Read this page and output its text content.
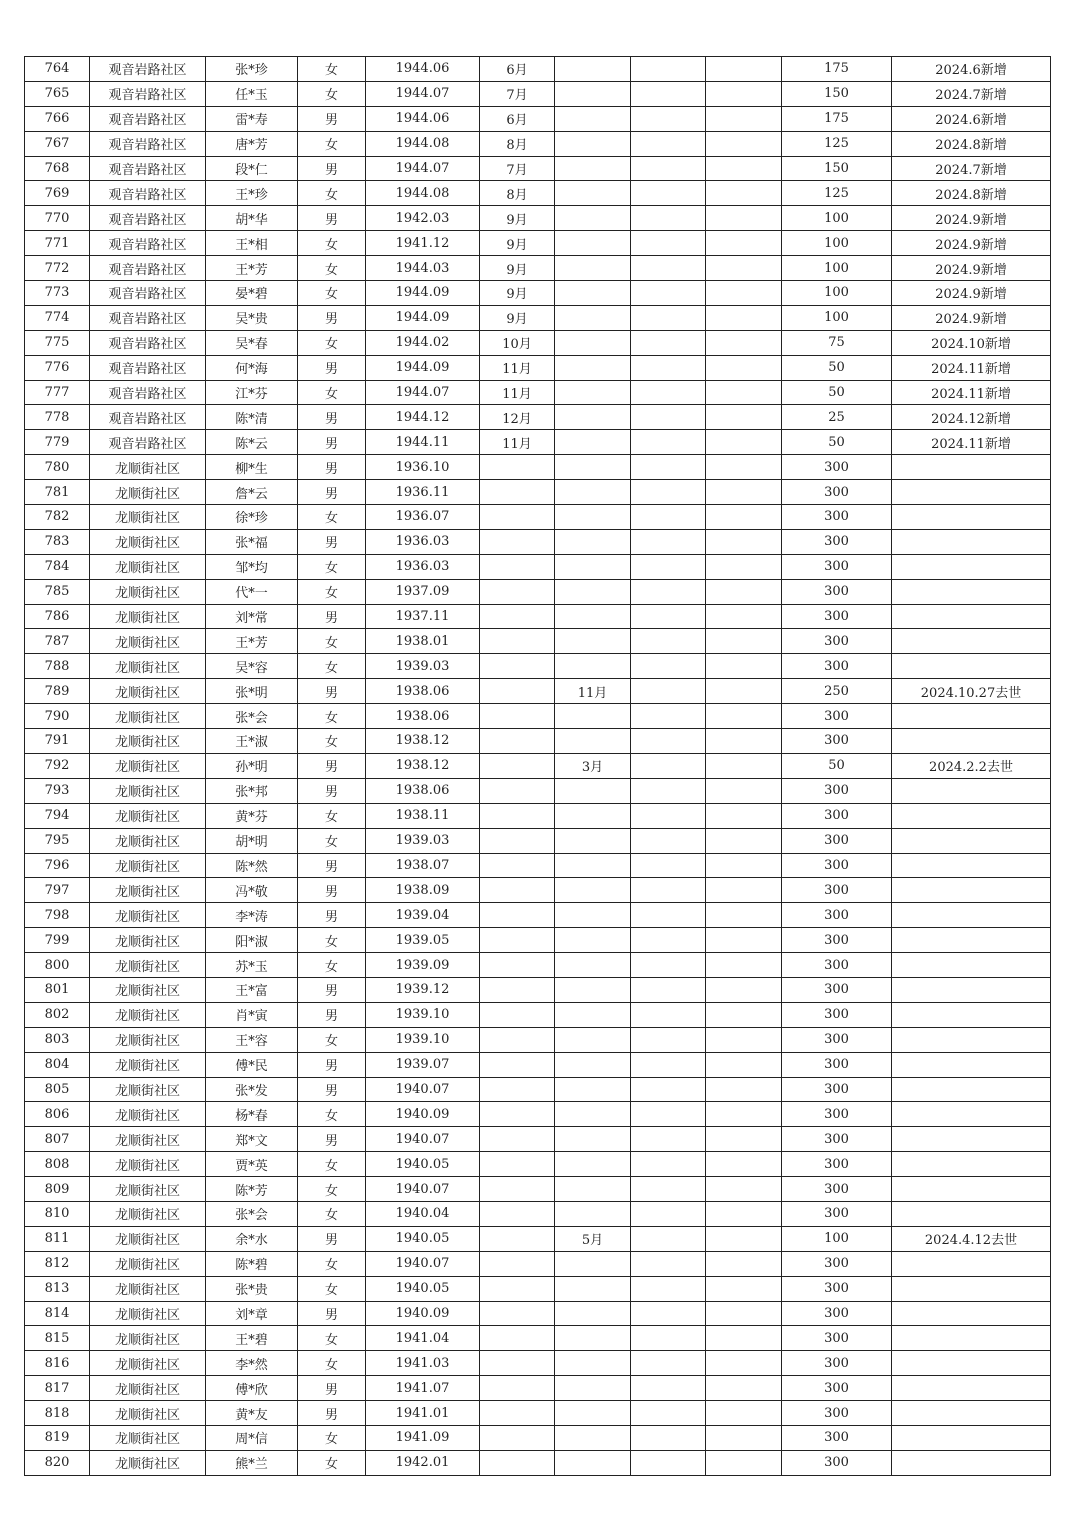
764	观音岩路社区	张*珍	女	1944.06	6月				175	2024.6新增
765	观音岩路社区	任*玉	女	1944.07	7月				150	2024.7新增
766	观音岩路社区	雷*寿	男	1944.06	6月				175	2024.6新增
767	观音岩路社区	唐*芳	女	1944.08	8月				125	2024.8新增
768	观音岩路社区	段*仁	男	1944.07	7月				150	2024.7新增
769	观音岩路社区	王*珍	女	1944.08	8月				125	2024.8新增
770	观音岩路社区	胡*华	男	1942.03	9月				100	2024.9新增
771	观音岩路社区	王*相	女	1941.12	9月				100	2024.9新增
772	观音岩路社区	王*芳	女	1944.03	9月				100	2024.9新增
773	观音岩路社区	晏*碧	女	1944.09	9月				100	2024.9新增
774	观音岩路社区	吴*贵	男	1944.09	9月				100	2024.9新增
775	观音岩路社区	吴*春	女	1944.02	10月				75	2024.10新增
776	观音岩路社区	何*海	男	1944.09	11月				50	2024.11新增
777	观音岩路社区	江*芬	女	1944.07	11月				50	2024.11新增
778	观音岩路社区	陈*清	男	1944.12	12月				25	2024.12新增
779	观音岩路社区	陈*云	男	1944.11	11月				50	2024.11新增
780	龙顺街社区	柳*生	男	1936.10					300	
781	龙顺街社区	詹*云	男	1936.11					300	
782	龙顺街社区	徐*珍	女	1936.07					300	
783	龙顺街社区	张*福	男	1936.03					300	
784	龙顺街社区	邹*均	女	1936.03					300	
785	龙顺街社区	代*一	女	1937.09					300	
786	龙顺街社区	刘*常	男	1937.11					300	
787	龙顺街社区	王*芳	女	1938.01					300	
788	龙顺街社区	吴*容	女	1939.03					300	
789	龙顺街社区	张*明	男	1938.06		11月			250	2024.10.27去世
790	龙顺街社区	张*会	女	1938.06					300	
791	龙顺街社区	王*淑	女	1938.12					300	
792	龙顺街社区	孙*明	男	1938.12		3月			50	2024.2.2去世
793	龙顺街社区	张*邦	男	1938.06					300	
794	龙顺街社区	黄*芬	女	1938.11					300	
795	龙顺街社区	胡*明	女	1939.03					300	
796	龙顺街社区	陈*然	男	1938.07					300	
797	龙顺街社区	冯*敬	男	1938.09					300	
798	龙顺街社区	李*涛	男	1939.04					300	
799	龙顺街社区	阳*淑	女	1939.05					300	
800	龙顺街社区	苏*玉	女	1939.09					300	
801	龙顺街社区	王*富	男	1939.12					300	
802	龙顺街社区	肖*寅	男	1939.10					300	
803	龙顺街社区	王*容	女	1939.10					300	
804	龙顺街社区	傅*民	男	1939.07					300	
805	龙顺街社区	张*发	男	1940.07					300	
806	龙顺街社区	杨*春	女	1940.09					300	
807	龙顺街社区	郑*文	男	1940.07					300	
808	龙顺街社区	贾*英	女	1940.05					300	
809	龙顺街社区	陈*芳	女	1940.07					300	
810	龙顺街社区	张*会	女	1940.04					300	
811	龙顺街社区	余*水	男	1940.05		5月			100	2024.4.12去世
812	龙顺街社区	陈*碧	女	1940.07					300	
813	龙顺街社区	张*贵	女	1940.05					300	
814	龙顺街社区	刘*章	男	1940.09					300	
815	龙顺街社区	王*碧	女	1941.04					300	
816	龙顺街社区	李*然	女	1941.03					300	
817	龙顺街社区	傅*欣	男	1941.07					300	
818	龙顺街社区	黄*友	男	1941.01					300	
819	龙顺街社区	周*信	女	1941.09					300	
820	龙顺街社区	熊*兰	女	1942.01					300	
